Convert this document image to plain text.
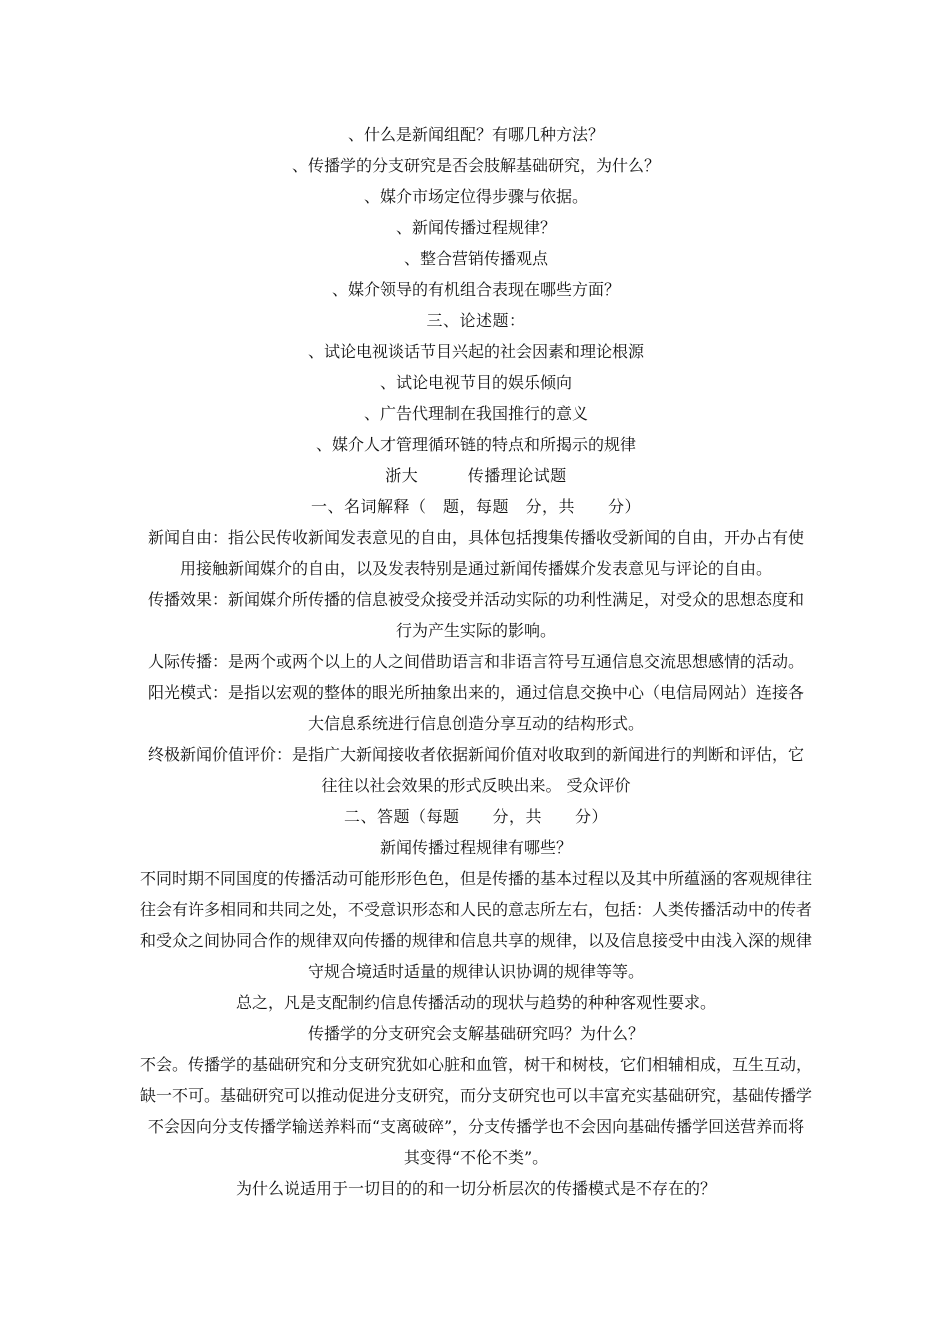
、什么是新闻组配？有哪几种方法？

、传播学的分支研究是否会肢解基础研究，为什么？

、媒介市场定位得步骤与依据。

、新闻传播过程规律？

、整合营销传播观点

、媒介领导的有机组合表现在哪些方面？

三、论述题：

、试论电视谈话节目兴起的社会因素和理论根源

、试论电视节目的娱乐倾向

、广告代理制在我国推行的意义

、媒介人才管理循环链的特点和所揭示的规律

浙大　　　传播理论试题

一、名词解释（　题，每题　分，共　　分）

新闻自由：指公民传收新闻发表意见的自由，具体包括搜集传播收受新闻的自由，开办占有使用接触新闻媒介的自由，以及发表特别是通过新闻传播媒介发表意见与评论的自由。

传播效果：新闻媒介所传播的信息被受众接受并活动实际的功利性满足，对受众的思想态度和行为产生实际的影响。

人际传播：是两个或两个以上的人之间借助语言和非语言符号互通信息交流思想感情的活动。

阳光模式：是指以宏观的整体的眼光所抽象出来的，通过信息交换中心（电信局网站）连接各大信息系统进行信息创造分享互动的结构形式。

终极新闻价值评价：是指广大新闻接收者依据新闻价值对收取到的新闻进行的判断和评估，它往往以社会效果的形式反映出来。 受众评价

二、答题（每题　　分，共　　分）

新闻传播过程规律有哪些？

不同时期不同国度的传播活动可能形形色色，但是传播的基本过程以及其中所蕴涵的客观规律往往会有许多相同和共同之处，不受意识形态和人民的意志所左右，包括：人类传播活动中的传者和受众之间协同合作的规律双向传播的规律和信息共享的规律，以及信息接受中由浅入深的规律守规合境适时适量的规律认识协调的规律等等。

总之，凡是支配制约信息传播活动的现状与趋势的种种客观性要求。

传播学的分支研究会支解基础研究吗？为什么？

不会。传播学的基础研究和分支研究犹如心脏和血管，树干和树枝，它们相辅相成，互生互动，缺一不可。基础研究可以推动促进分支研究，而分支研究也可以丰富充实基础研究，基础传播学不会因向分支传播学输送养料而“支离破碎”，分支传播学也不会因向基础传播学回送营养而将其变得“不伦不类”。

为什么说适用于一切目的的和一切分析层次的传播模式是不存在的？
